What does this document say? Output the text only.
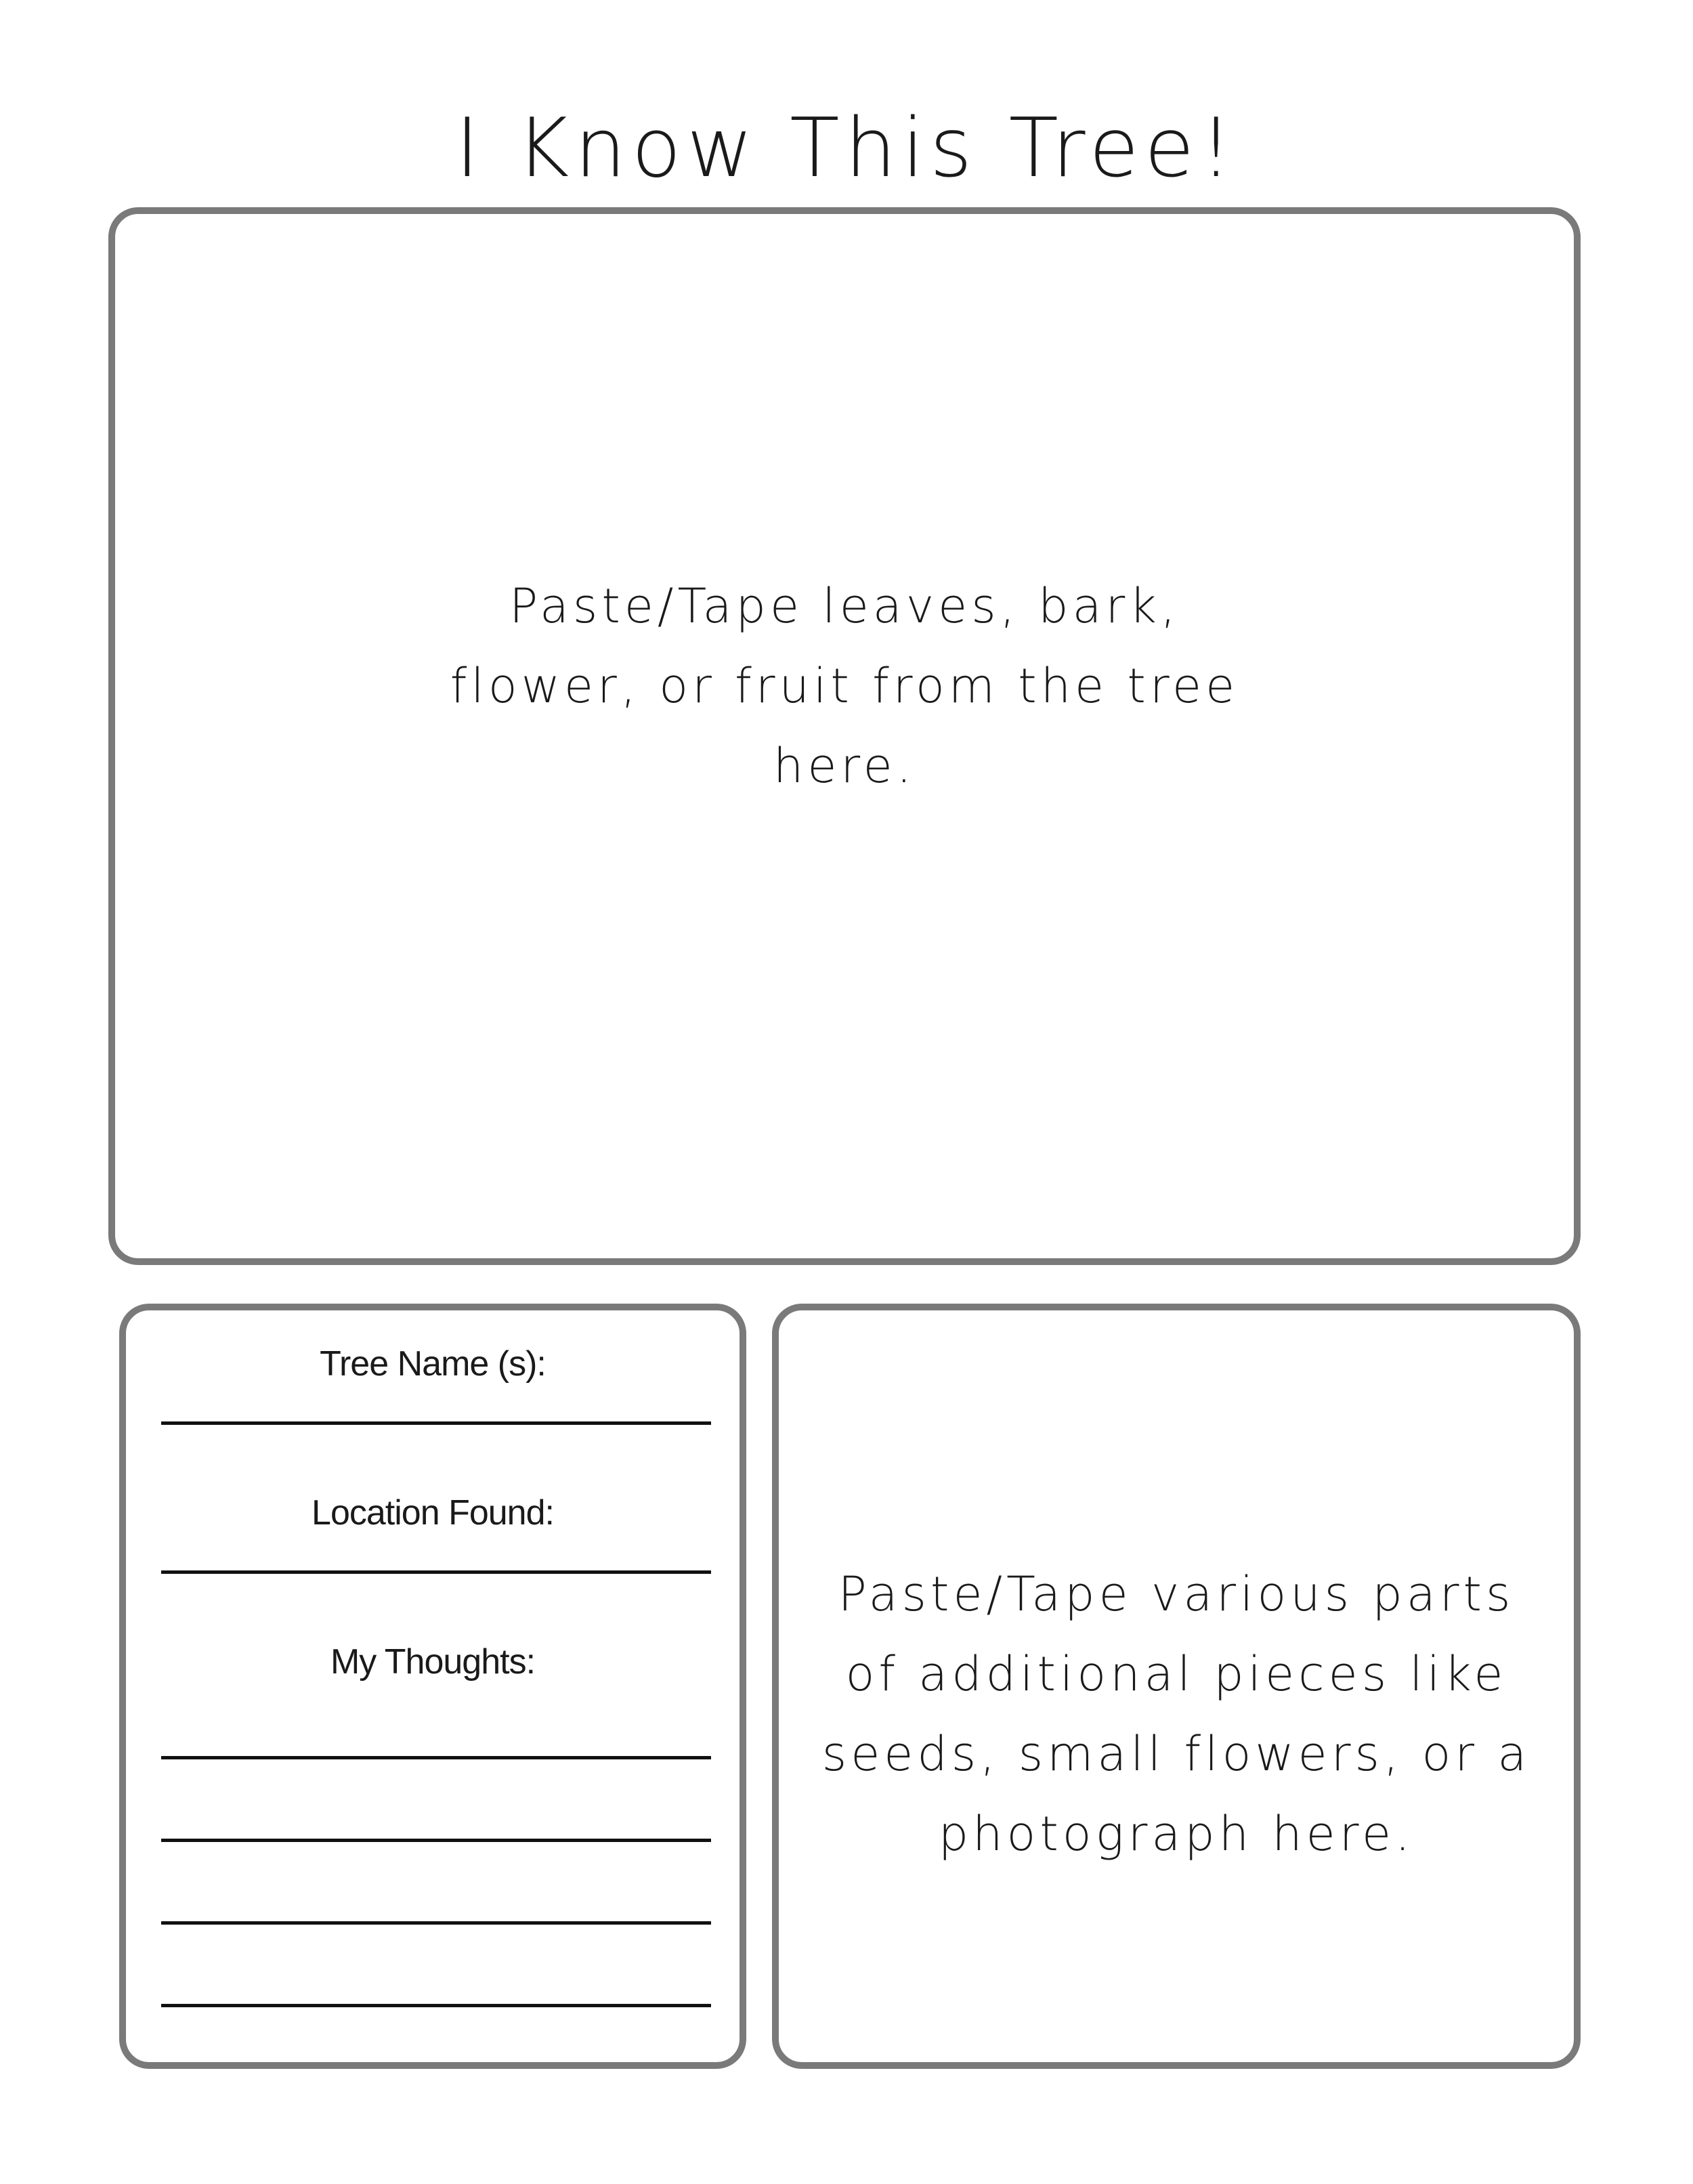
I Know This Tree!
Paste/Tape leaves, bark,
flower, or fruit from the tree
here.
Tree Name (s):
Location Found:
My Thoughts:
Paste/Tape various parts
of additional pieces like
seeds, small flowers, or a
photograph here.
